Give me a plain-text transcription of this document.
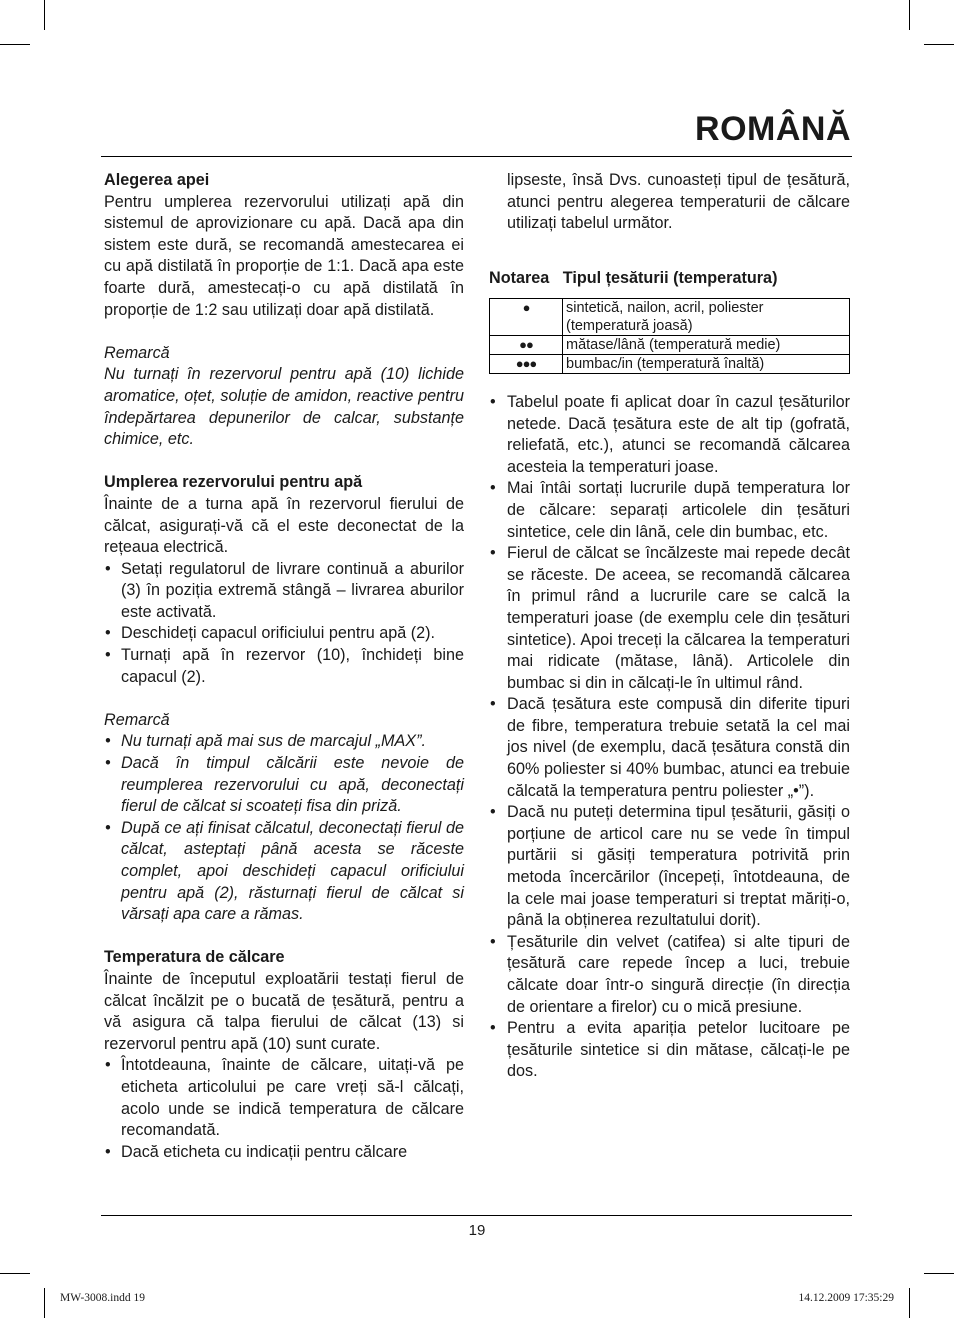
ROMÂNĂ

Alegerea apei

Pentru umplerea rezervorului utilizați apă din sistemul de aprovizionare cu apă. Dacă apa din sistem este dură, se recomandă amestecarea ei cu apă distilată în proporție de 1:1. Dacă apa este foarte dură, amestecați-o cu apă distilată în proporție de 1:2 sau utilizați doar apă distilată.

Remarcă

Nu turnați în rezervorul pentru apă (10) lichide aromatice, oțet, soluție de amidon, reactive pentru îndepărtarea depunerilor de calcar, substanțe chimice, etc.

Umplerea rezervorului pentru apă

Înainte de a turna apă în rezervorul fierului de călcat, asigurați-vă că el este deconectat de la rețeaua electrică.

• Setați regulatorul de livrare continuă a aburilor (3) în poziția extremă stângă – livrarea aburilor este activată.
• Deschideți capacul orificiului pentru apă (2).
• Turnați apă în rezervor (10), închideți bine capacul (2).

Remarcă

• Nu turnați apă mai sus de marcajul „MAX”.
• Dacă în timpul călcării este nevoie de reumplerea rezervorului cu apă, deconectați fierul de călcat si scoateți fisa din priză.
• După ce ați finisat călcatul, deconectați fierul de călcat, asteptați până acesta se răceste complet, apoi deschideți capacul orificiului pentru apă (2), răsturnați fierul de călcat si vărsați apa care a rămas.

Temperatura de călcare

Înainte de începutul exploatării testați fierul de călcat încălzit pe o bucată de țesătură, pentru a vă asigura că talpa fierului de călcat (13) si rezervorul pentru apă (10) sunt curate.

• Întotdeauna, înainte de călcare, uitați-vă pe eticheta articolului pe care vreți să-l călcați, acolo unde se indică temperatura de călcare recomandată.
• Dacă eticheta cu indicații pentru călcare

lipseste, însă Dvs. cunoasteți tipul de țesătură, atunci pentru alegerea temperaturii de călcare utilizați tabelul următor.

Notarea Tipul țesăturii (temperatura)

●	sintetică, nailon, acril, poliester (temperatură joasă)
●●	mătase/lână (temperatură medie)
●●●	bumbac/in (temperatură înaltă)
• Tabelul poate fi aplicat doar în cazul țesăturilor netede. Dacă țesătura este de alt tip (gofrată, reliefată, etc.), atunci se recomandă călcarea acesteia la temperaturi joase.
• Mai întâi sortați lucrurile după temperatura lor de călcare: separați articolele din țesături sintetice, cele din lână, cele din bumbac, etc.
• Fierul de călcat se încălzeste mai repede decât se răceste. De aceea, se recomandă călcarea în primul rând a lucrurile care se calcă la temperaturi joase (de exemplu cele din țesături sintetice). Apoi treceți la călcarea la temperaturi mai ridicate (mătase, lână). Articolele din bumbac si din in călcați-le în ultimul rând.
• Dacă țesătura este compusă din diferite tipuri de fibre, temperatura trebuie setată la cel mai jos nivel (de exemplu, dacă țesătura constă din 60% poliester si 40% bumbac, atunci ea trebuie călcată la temperatura pentru poliester „•”).
• Dacă nu puteți determina tipul țesăturii, găsiți o porțiune de articol care nu se vede în timpul purtării si găsiți temperatura potrivită prin metoda încercărilor (începeți, întotdeauna, de la cele mai joase temperaturi si treptat măriți-o, până la obținerea rezultatului dorit).
• Țesăturile din velvet (catifea) si alte tipuri de țesătură care repede încep a luci, trebuie călcate doar într-o singură direcție (în direcția de orientare a firelor) cu o mică presiune.
• Pentru a evita apariția petelor lucitoare pe țesăturile sintetice si din mătase, călcați-le pe dos.
19
MW-3008.indd 19	14.12.2009 17:35:29
